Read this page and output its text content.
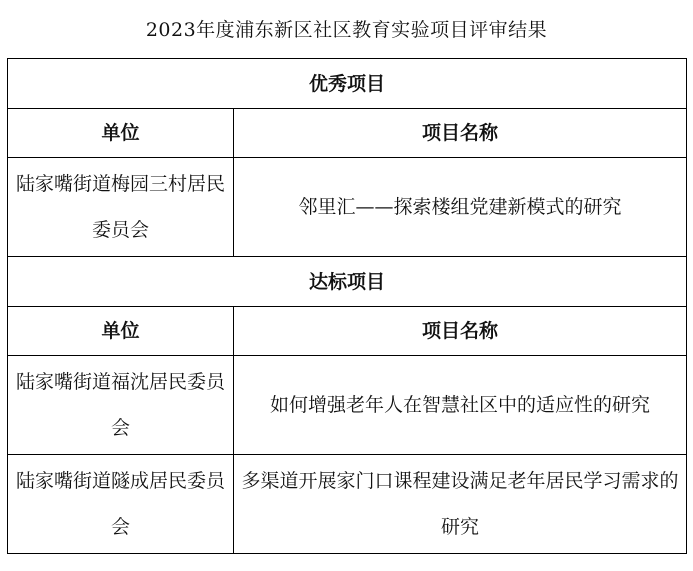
2023年度浦东新区社区教育实验项目评审结果
优秀项目	
单位	项目名称
陆家嘴街道梅园三村居民委员会	邻里汇——探索楼组党建新模式的研究
达标项目	
单位	项目名称
陆家嘴街道福沈居民委员会	如何增强老年人在智慧社区中的适应性的研究
陆家嘴街道隧成居民委员会	多渠道开展家门口课程建设满足老年居民学习需求的研究
